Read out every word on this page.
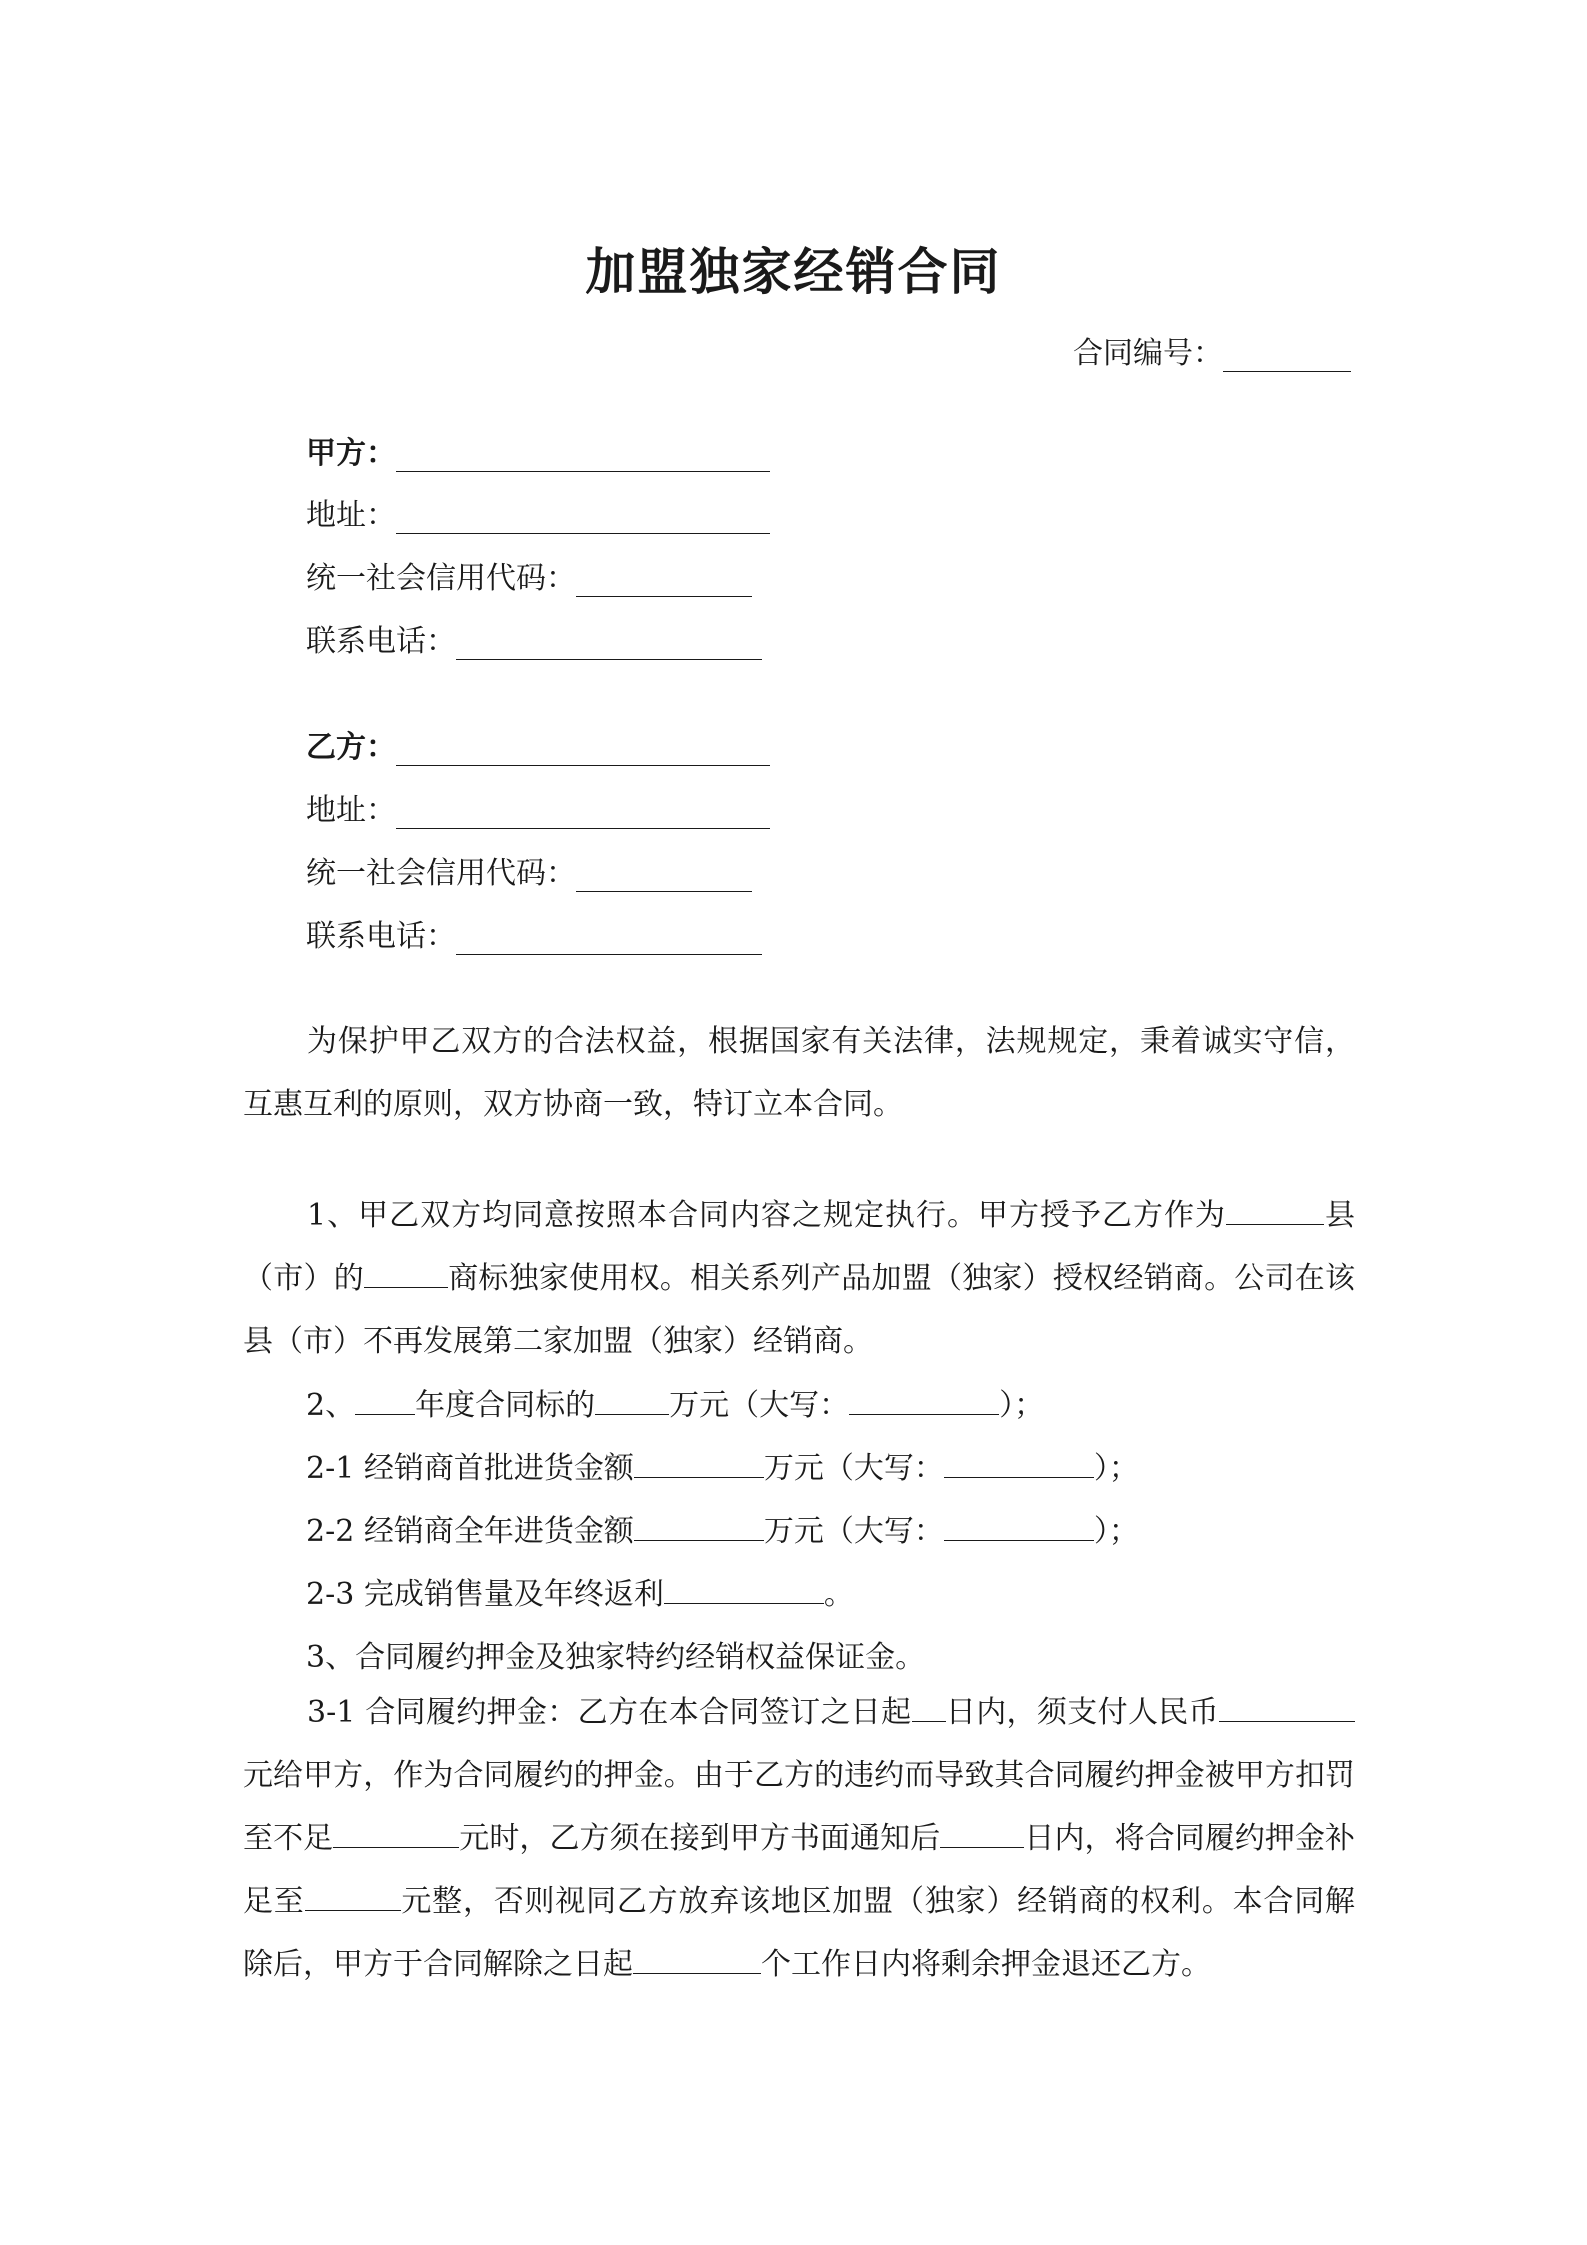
加盟独家经销合同
合同编号：
甲方：
地址：
统一社会信用代码：
联系电话：
乙方：
地址：
统一社会信用代码：
联系电话：
为保护甲乙双方的合法权益，根据国家有关法律，法规规定，秉着诚实守信，互惠互利的原则，双方协商一致，特订立本合同。
1、甲乙双方均同意按照本合同内容之规定执行。甲方授予乙方作为	县（市）的	商标独家使用权。相关系列产品加盟（独家）授权经销商。公司在该县（市）不再发展第二家加盟（独家）经销商。
2、 年度合同标的 万元（大写：	）；
2-1 经销商首批进货金额	万元（大写：	）；
2-2 经销商全年进货金额	万元（大写：	）；
2-3 完成销售量及年终返利	。
3、合同履约押金及独家特约经销权益保证金。
3-1 合同履约押金：乙方在本合同签订之日起 日内，须支付人民币元给甲方，作为合同履约的押金。由于乙方的违约而导致其合同履约押金被甲方扣罚至不足	元时，乙方须在接到甲方书面通知后	日内，将合同履约押金补足至	元整，否则视同乙方放弃该地区加盟（独家）经销商的权利。本合同解除后，甲方于合同解除之日起	个工作日内将剩余押金退还乙方。
